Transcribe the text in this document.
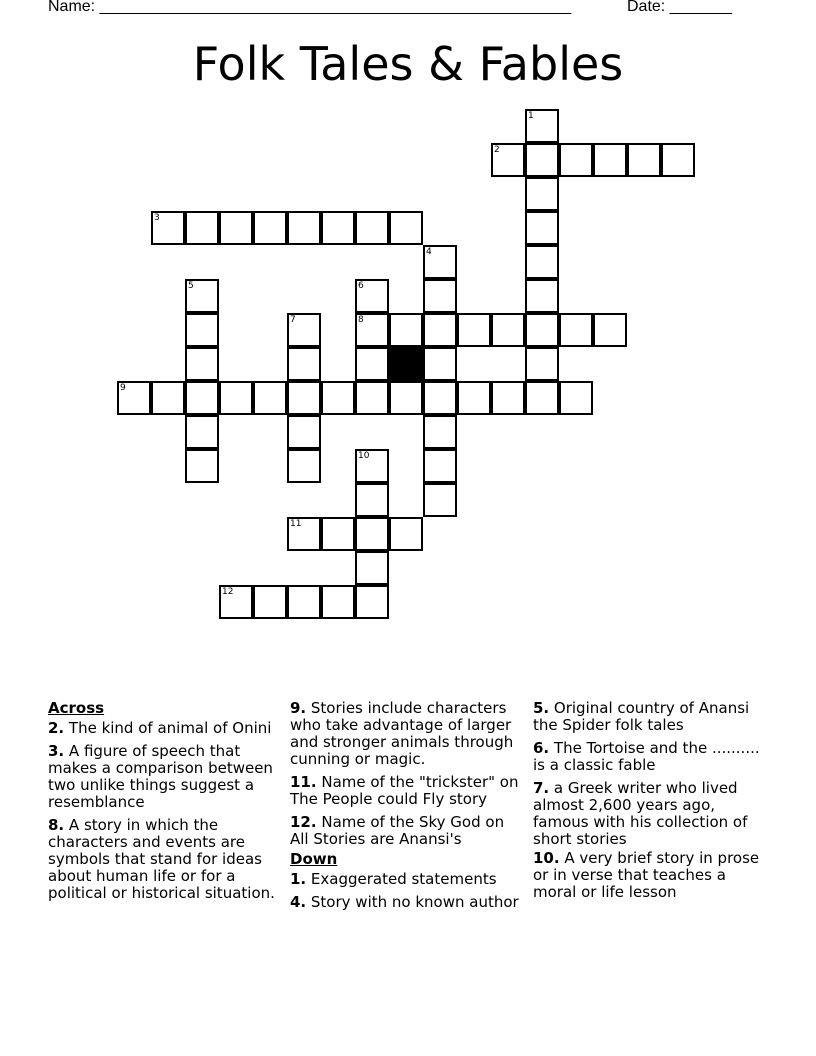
Name: _____________________________________________________	Date: _______
Folk Tales & Fables
2
3
8
9
11
12
1
4
5	6
7
10
Across
2. The kind of animal of Onini
3. A figure of speech that makes a comparison between two unlike things suggest a resemblance
8. A story in which the characters and events are symbols that stand for ideas about human life or for a political or historical situation.
9. Stories include characters who take advantage of larger and stronger animals through cunning or magic.
11. Name of the "trickster" on The People could Fly story
12. Name of the Sky God on All Stories are Anansi's
Down
1. Exaggerated statements
4. Story with no known author
5. Original country of Anansi the Spider folk tales
6. The Tortoise and the .......... is a classic fable
7. a Greek writer who lived almost 2,600 years ago, famous with his collection of short stories
10. A very brief story in prose or in verse that teaches a moral or life lesson
